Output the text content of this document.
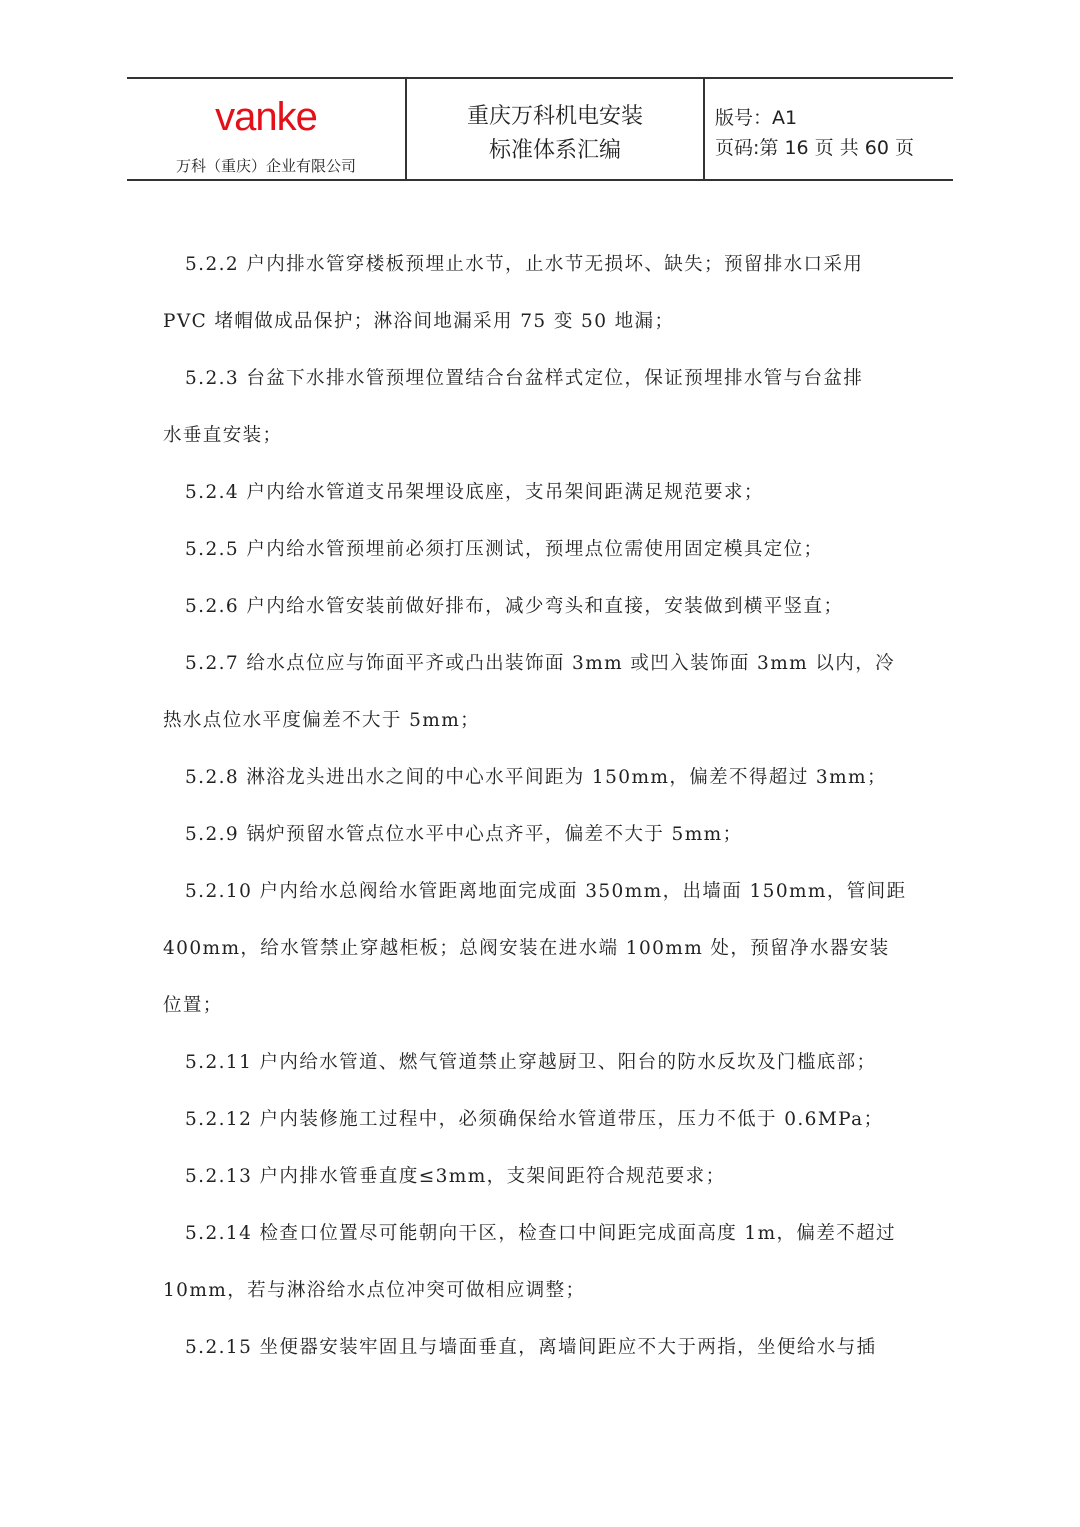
vanke
万科（重庆）企业有限公司
重庆万科机电安装
标准体系汇编
版号：A1
页码:第 16 页 共 60 页
5.2.2 户内排水管穿楼板预埋止水节，止水节无损坏、缺失；预留排水口采用
PVC 堵帽做成品保护；淋浴间地漏采用 75 变 50 地漏；
5.2.3 台盆下水排水管预埋位置结合台盆样式定位，保证预埋排水管与台盆排
水垂直安装；
5.2.4 户内给水管道支吊架埋设底座，支吊架间距满足规范要求；
5.2.5 户内给水管预埋前必须打压测试，预埋点位需使用固定模具定位；
5.2.6 户内给水管安装前做好排布，减少弯头和直接，安装做到横平竖直；
5.2.7 给水点位应与饰面平齐或凸出装饰面 3mm 或凹入装饰面 3mm 以内，冷
热水点位水平度偏差不大于 5mm；
5.2.8 淋浴龙头进出水之间的中心水平间距为 150mm，偏差不得超过 3mm；
5.2.9 锅炉预留水管点位水平中心点齐平，偏差不大于 5mm；
5.2.10 户内给水总阀给水管距离地面完成面 350mm，出墙面 150mm，管间距
400mm，给水管禁止穿越柜板；总阀安装在进水端 100mm 处，预留净水器安装
位置；
5.2.11 户内给水管道、燃气管道禁止穿越厨卫、阳台的防水反坎及门槛底部；
5.2.12 户内装修施工过程中，必须确保给水管道带压，压力不低于 0.6MPa；
5.2.13 户内排水管垂直度≤3mm，支架间距符合规范要求；
5.2.14 检查口位置尽可能朝向干区，检查口中间距完成面高度 1m，偏差不超过
10mm，若与淋浴给水点位冲突可做相应调整；
5.2.15 坐便器安装牢固且与墙面垂直，离墙间距应不大于两指，坐便给水与插
